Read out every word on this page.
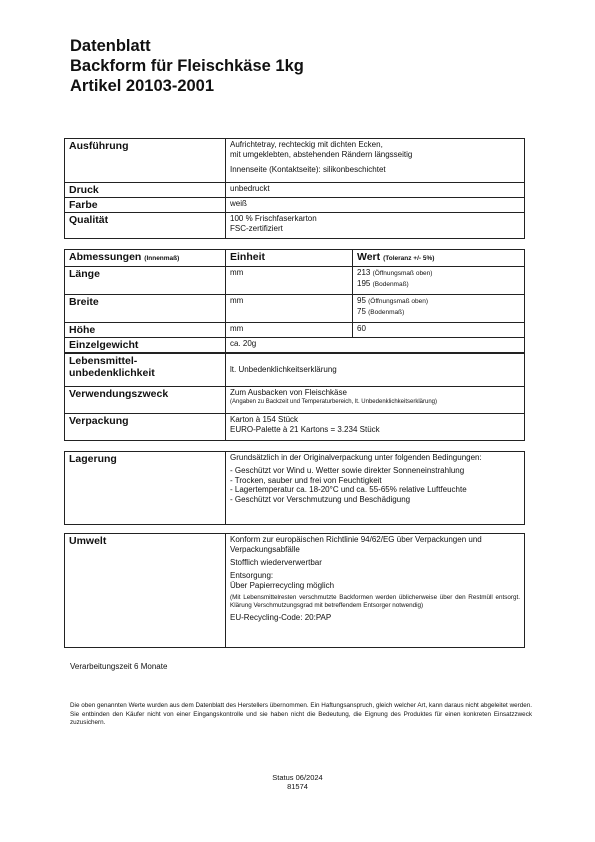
Datenblatt
Backform für Fleischkäse 1kg
Artikel 20103-2001
Ausführung	Aufrichtetray, rechteckig mit dichten Ecken,
mit umgeklebten, abstehenden Rändern längsseitig
Innenseite (Kontaktseite): silikonbeschichtet

Druck	unbedruckt
Farbe	weiß
Qualität	100 % Frischfaserkarton
FSC-zertifiziert
Abmessungen (Innenmaß)	Einheit	Wert (Toleranz +/- 5%)
Länge	mm	213 (Öffnungsmaß oben)
195 (Bodenmaß)

Breite	mm	95 (Öffnungsmaß oben)
75 (Bodenmaß)

Höhe	mm	60
Einzelgewicht	ca. 20g	
Lebensmittel-
unbedenklichkeit	lt. Unbedenklichkeitserklärung
Verwendungszweck	Zum Ausbacken von Fleischkäse
(Angaben zu Backzeit und Temperaturbereich, lt. Unbedenklichkeitserklärung)

Verpackung	Karton à 154 Stück
EURO-Palette à 21 Kartons = 3.234 Stück
Lagerung	Grundsätzlich in der Originalverpackung unter folgenden Bedingungen:
- Geschützt vor Wind u. Wetter sowie direkter Sonneneinstrahlung
- Trocken, sauber und frei von Feuchtigkeit
- Lagertemperatur ca. 18-20°C und ca. 55-65% relative Luftfeuchte
- Geschützt vor Verschmutzung und Beschädigung
Umwelt	Konform zur europäischen Richtlinie 94/62/EG über Verpackungen und Verpackungsabfälle
Stofflich wiederverwertbar
Entsorgung:
Über Papierrecycling möglich
(Mit Lebensmittelresten verschmutzte Backformen werden üblicherweise über den Restmüll entsorgt. Klärung Verschmutzungsgrad mit betreffendem Entsorger notwendig)
EU-Recycling-Code: 20:PAP
Verarbeitungszeit 6 Monate
Die oben genannten Werte wurden aus dem Datenblatt des Herstellers übernommen. Ein Haftungsanspruch, gleich welcher Art, kann daraus nicht abgeleitet werden. Sie entbinden den Käufer nicht von einer Eingangskontrolle und sie haben nicht die Bedeutung, die Eignung des Produktes für einen konkreten Einsatzzweck zuzusichern.
Status 06/2024
81574
